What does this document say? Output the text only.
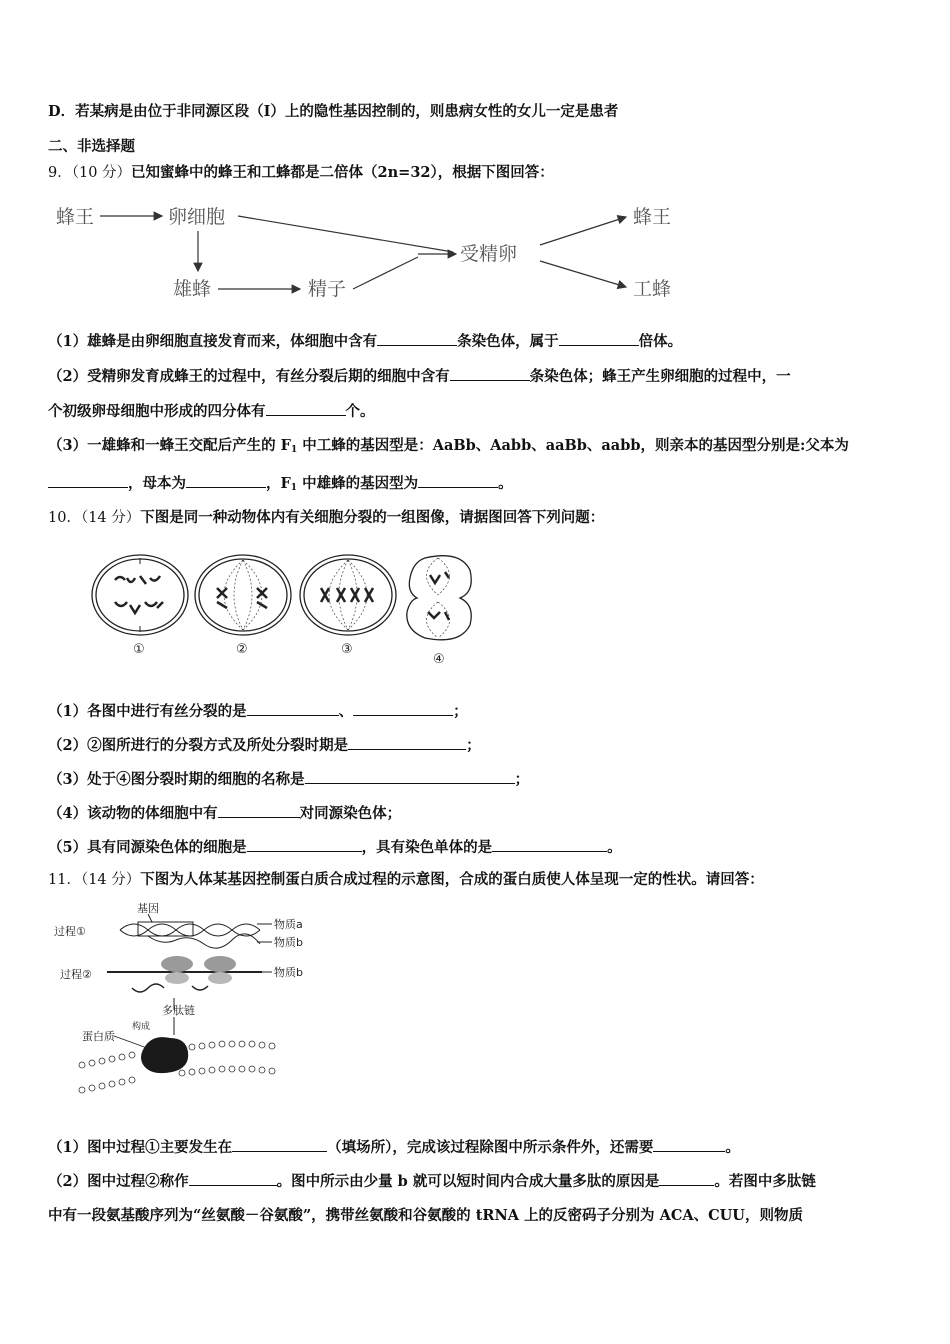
D．若某病是由位于非同源区段（I）上的隐性基因控制的，则患病女性的女儿一定是患者
二、非选择题
9．（10 分）已知蜜蜂中的蜂王和工蜂都是二倍体（2n=32），根据下图回答：
蜂王	卵细胞
雄蜂	精子
受精卵
蜂王
工蜂
（1）雄蜂是由卵细胞直接发育而来，体细胞中含有	条染色体，属于	倍体。
（2）受精卵发育成蜂王的过程中，有丝分裂后期的细胞中含有	条染色体；蜂王产生卵细胞的过程中，一
个初级卵母细胞中形成的四分体有	个。
（3）一雄蜂和一蜂王交配后产生的 $F_1$ 中工蜂的基因型是：AaBb、Aabb、aaBb、aabb，则亲本的基因型分别是:父本为
，母本为	，$F_1$ 中雄蜂的基因型为	。
10．（14 分）下图是同一种动物体内有关细胞分裂的一组图像，请据图回答下列问题：
①	②	③
④
（1）各图中进行有丝分裂的是	、	；
（2）②图所进行的分裂方式及所处分裂时期是	；
（3）处于④图分裂时期的细胞的名称是	；
（4）该动物的体细胞中有	对同源染色体；
（5）具有同源染色体的细胞是	，具有染色单体的是	。
11．（14 分）下图为人体某基因控制蛋白质合成过程的示意图，合成的蛋白质使人体呈现一定的性状。请回答：
基因
过程①
过程②
物质a
物质b
物质b
多肽链
构成
蛋白质
（1）图中过程①主要发生在	（填场所），完成该过程除图中所示条件外，还需要	。
（2）图中过程②称作	。图中所示由少量 b 就可以短时间内合成大量多肽的原因是	。若图中多肽链
中有一段氨基酸序列为“丝氨酸－谷氨酸”，携带丝氨酸和谷氨酸的 tRNA 上的反密码子分别为 ACA、CUU，则物质
